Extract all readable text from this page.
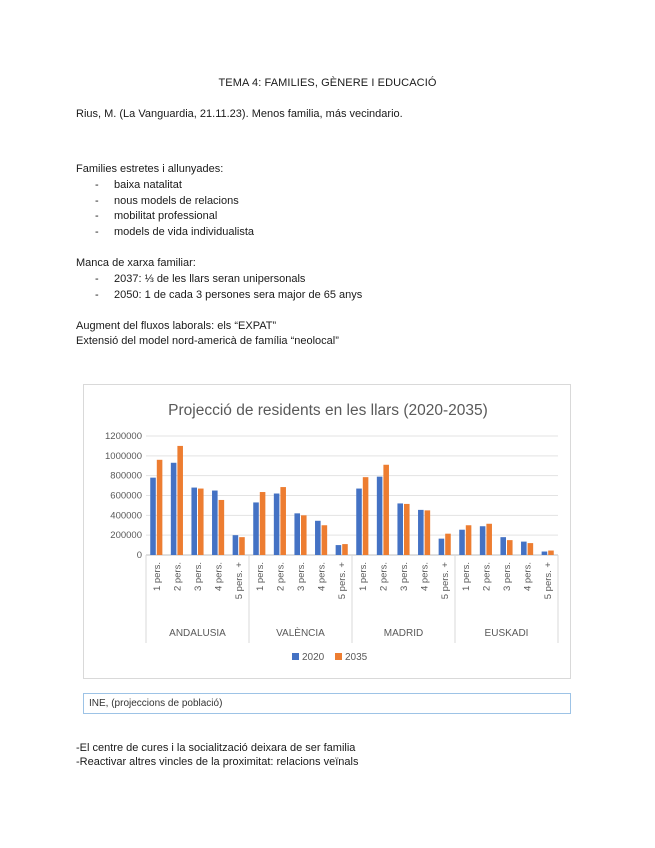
TEMA 4: FAMILIES, GÈNERE I EDUCACIÓ
Rius, M. (La Vanguardia, 21.11.23). Menos familia, más vecindario.
Families estretes i allunyades:
- baixa natalitat
- nous models de relacions
- mobilitat professional
- models de vida individualista
Manca de xarxa familiar:
- 2037: ⅓ de les llars seran unipersonals
- 2050: 1 de cada 3 persones sera major de 65 anys
Augment del fluxos laborals: els “EXPAT”
Extensió del model nord-americà de família “neolocal”
Projecció de residents en les llars (2020-2035)
0
200000
400000
600000
800000
1000000
1200000
1 pers. 2 pers. 3 pers. 4 pers. 5 pers. + 1 pers. 2 pers. 3 pers. 4 pers. 5 pers. + 1 pers. 2 pers. 3 pers. 4 pers. 5 pers. + 1 pers. 2 pers. 3 pers. 4 pers. 5 pers. +
ANDALUSIA	VALÈNCIA	MADRID	EUSKADI
2020 2035
INE, (projeccions de població)
-El centre de cures i la socialització deixara de ser familia
-Reactivar altres vincles de la proximitat: relacions veïnals
